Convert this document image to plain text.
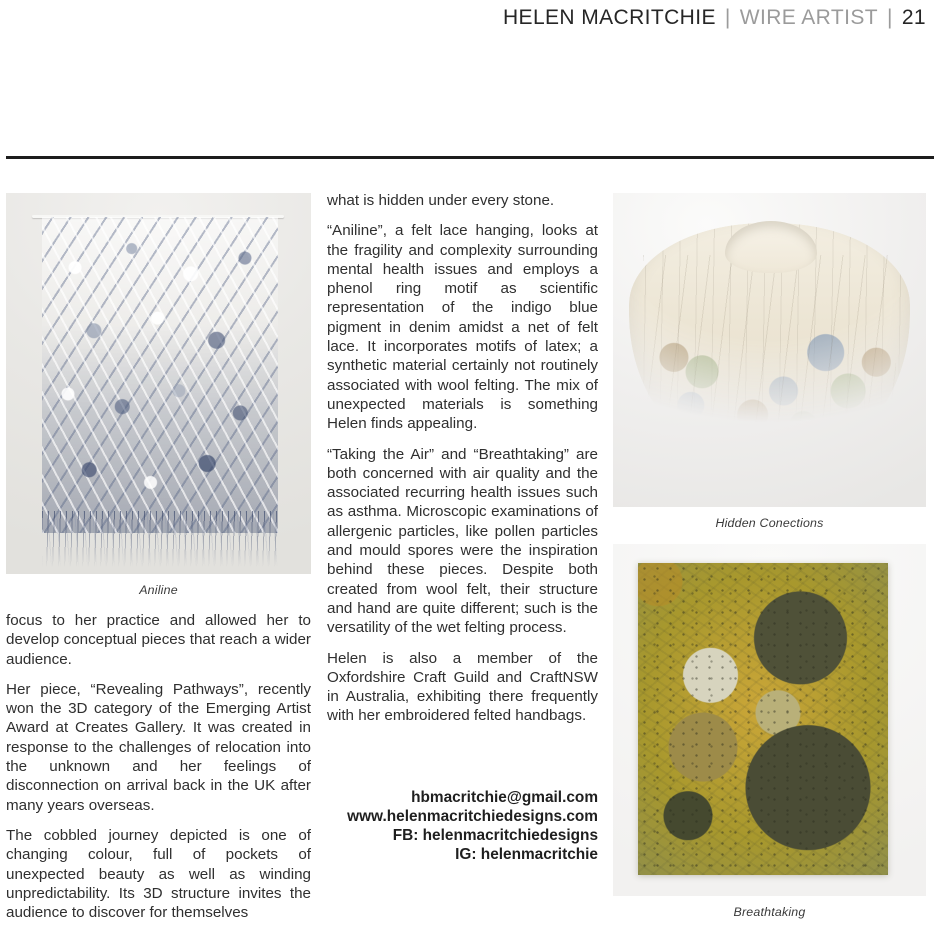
HELEN MACRITCHIE | WIRE ARTIST | 21
Aniline

focus to her practice and allowed her to develop conceptual pieces that reach a wider audience.

Her piece, “Revealing Pathways”, recently won the 3D category of the Emerging Artist Award at Creates Gallery. It was created in response to the challenges of relocation into the unknown and her feelings of disconnection on arrival back in the UK after many years overseas.

The cobbled journey depicted is one of changing colour, full of pockets of unexpected beauty as well as winding unpredictability. Its 3D structure invites the audience to discover for themselves

what is hidden under every stone.

“Aniline”, a felt lace hanging, looks at the fragility and complexity surrounding mental health issues and employs a phenol ring motif as scientific representation of the indigo blue pigment in denim amidst a net of felt lace. It incorporates motifs of latex; a synthetic material certainly not routinely associated with wool felting. The mix of unexpected materials is something Helen finds appealing.

“Taking the Air” and “Breathtaking” are both concerned with air quality and the associated recurring health issues such as asthma. Microscopic examinations of allergenic particles, like pollen particles and mould spores were the inspiration behind these pieces. Despite both created from wool felt, their structure and hand are quite different; such is the versatility of the wet felting process.

Helen is also a member of the Oxfordshire Craft Guild and CraftNSW in Australia, exhibiting there frequently with her embroidered felted handbags.

hbmacritchie@gmail.com
www.helenmacritchiedesigns.com
FB: helenmacritchiedesigns
IG: helenmacritchie
Hidden Conections
Breathtaking
